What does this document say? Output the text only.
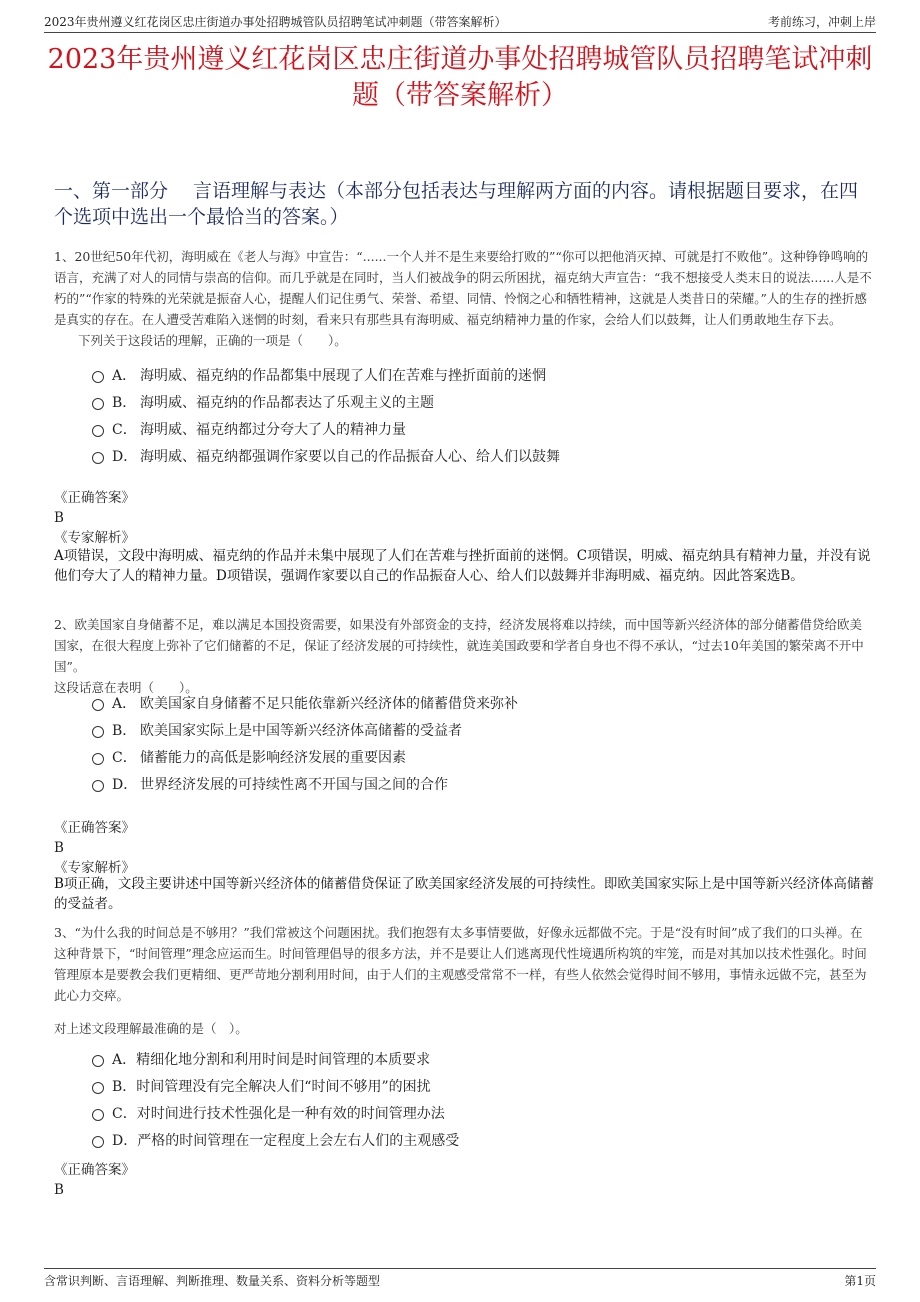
2023年贵州遵义红花岗区忠庄街道办事处招聘城管队员招聘笔试冲刺题（带答案解析）	考前练习，冲刺上岸
2023年贵州遵义红花岗区忠庄街道办事处招聘城管队员招聘笔试冲刺题（带答案解析）
一、第一部分　 言语理解与表达（本部分包括表达与理解两方面的内容。请根据题目要求，在四个选项中选出一个最恰当的答案。）
1、20世纪50年代初，海明威在《老人与海》中宣告：“......一个人并不是生来要给打败的”“你可以把他消灭掉、可就是打不败他”。这种铮铮鸣响的语言，充满了对人的同情与崇高的信仰。而几乎就是在同时，当人们被战争的阴云所困扰，福克纳大声宣告：“我不想接受人类末日的说法......人是不朽的”“作家的特殊的光荣就是振奋人心，提醒人们记住勇气、荣誉、希望、同情、怜悯之心和牺牲精神，这就是人类昔日的荣耀。”人的生存的挫折感是真实的存在。在人遭受苦难陷入迷惘的时刻，看来只有那些具有海明威、福克纳精神力量的作家，会给人们以鼓舞，让人们勇敢地生存下去。
下列关于这段话的理解，正确的一项是（　　）。
A． 海明威、福克纳的作品都集中展现了人们在苦难与挫折面前的迷惘
B． 海明威、福克纳的作品都表达了乐观主义的主题
C． 海明威、福克纳都过分夸大了人的精神力量
D． 海明威、福克纳都强调作家要以自己的作品振奋人心、给人们以鼓舞
《正确答案》
B
《专家解析》
A项错误，文段中海明威、福克纳的作品并未集中展现了人们在苦难与挫折面前的迷惘。C项错误，明威、福克纳具有精神力量，并没有说他们夸大了人的精神力量。D项错误，强调作家要以自己的作品振奋人心、给人们以鼓舞并非海明威、福克纳。因此答案选B。
2、欧美国家自身储蓄不足，难以满足本国投资需要，如果没有外部资金的支持，经济发展将难以持续，而中国等新兴经济体的部分储蓄借贷给欧美国家，在很大程度上弥补了它们储蓄的不足，保证了经济发展的可持续性，就连美国政要和学者自身也不得不承认，“过去10年美国的繁荣离不开中国”。
这段话意在表明（　　）。
A． 欧美国家自身储蓄不足只能依靠新兴经济体的储蓄借贷来弥补
B． 欧美国家实际上是中国等新兴经济体高储蓄的受益者
C． 储蓄能力的高低是影响经济发展的重要因素
D． 世界经济发展的可持续性离不开国与国之间的合作
《正确答案》
B
《专家解析》
B项正确，文段主要讲述中国等新兴经济体的储蓄借贷保证了欧美国家经济发展的可持续性。即欧美国家实际上是中国等新兴经济体高储蓄的受益者。
3、“为什么我的时间总是不够用？”我们常被这个问题困扰。我们抱怨有太多事情要做，好像永远都做不完。于是“没有时间”成了我们的口头禅。在这种背景下，“时间管理”理念应运而生。时间管理倡导的很多方法，并不是要让人们逃离现代性境遇所构筑的牢笼，而是对其加以技术性强化。时间管理原本是要教会我们更精细、更严苛地分割利用时间，由于人们的主观感受常常不一样，有些人依然会觉得时间不够用，事情永远做不完，甚至为此心力交瘁。
对上述文段理解最准确的是（　）。
A．精细化地分割和利用时间是时间管理的本质要求
B．时间管理没有完全解决人们“时间不够用”的困扰
C．对时间进行技术性强化是一种有效的时间管理办法
D．严格的时间管理在一定程度上会左右人们的主观感受
《正确答案》
B
含常识判断、言语理解、判断推理、数量关系、资料分析等题型	第1页
